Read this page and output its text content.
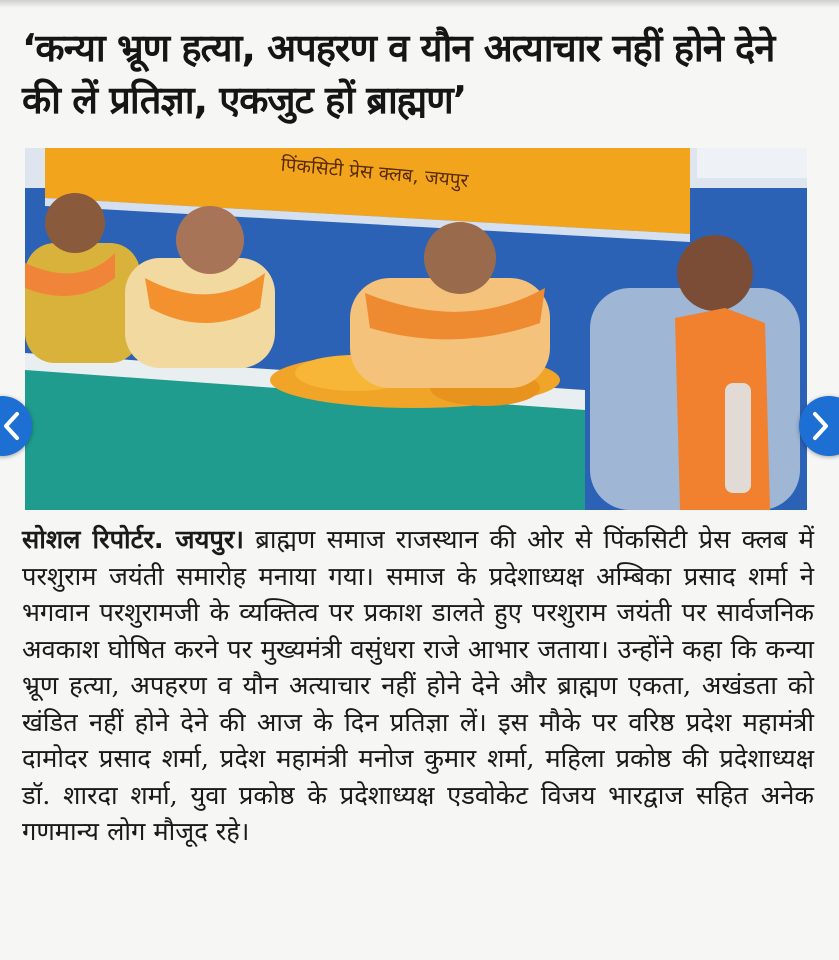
‘कन्या भ्रूण हत्या, अपहरण व यौन अत्याचार नहीं होने देने की लें प्रतिज्ञा, एकजुट हों ब्राह्मण’
पिंकसिटी प्रेस क्लब, जयपुर
सोशल रिपोर्टर. जयपुर। ब्राह्मण समाज राजस्थान की ओर से पिंकसिटी प्रेस क्लब में परशुराम जयंती समारोह मनाया गया। समाज के प्रदेशाध्यक्ष अम्बिका प्रसाद शर्मा ने भगवान परशुरामजी के व्यक्तित्व पर प्रकाश डालते हुए परशुराम जयंती पर सार्वजनिक अवकाश घोषित करने पर मुख्यमंत्री वसुंधरा राजे आभार जताया। उन्होंने कहा कि कन्या भ्रूण हत्या, अपहरण व यौन अत्याचार नहीं होने देने और ब्राह्मण एकता, अखंडता को खंडित नहीं होने देने की आज के दिन प्रतिज्ञा लें। इस मौके पर वरिष्ठ प्रदेश महामंत्री दामोदर प्रसाद शर्मा, प्रदेश महामंत्री मनोज कुमार शर्मा, महिला प्रकोष्ठ की प्रदेशाध्यक्ष डॉ. शारदा शर्मा, युवा प्रकोष्ठ के प्रदेशाध्यक्ष एडवोकेट विजय भारद्वाज सहित अनेक गणमान्य लोग मौजूद रहे।
